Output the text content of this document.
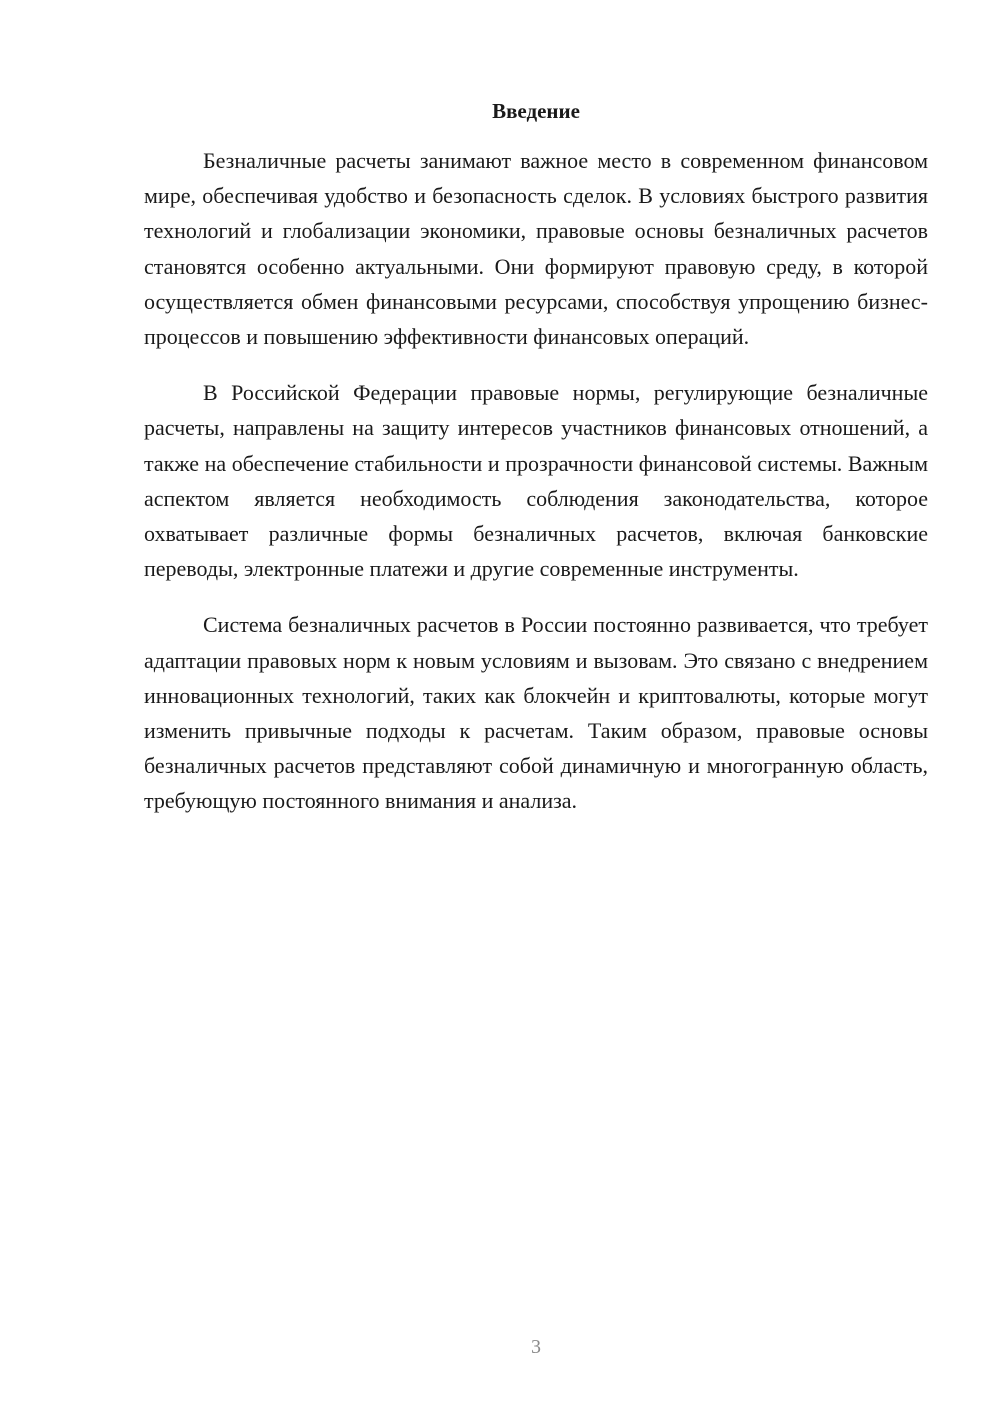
Введение

Безналичные расчеты занимают важное место в современном финансовом мире, обеспечивая удобство и безопасность сделок. В условиях быстрого развития технологий и глобализации экономики, правовые основы безналичных расчетов становятся особенно актуальными. Они формируют правовую среду, в которой осуществляется обмен финансовыми ресурсами, способствуя упрощению бизнес-процессов и повышению эффективности финансовых операций.

В Российской Федерации правовые нормы, регулирующие безналичные расчеты, направлены на защиту интересов участников финансовых отношений, а также на обеспечение стабильности и прозрачности финансовой системы. Важным аспектом является необходимость соблюдения законодательства, которое охватывает различные формы безналичных расчетов, включая банковские переводы, электронные платежи и другие современные инструменты.

Система безналичных расчетов в России постоянно развивается, что требует адаптации правовых норм к новым условиям и вызовам. Это связано с внедрением инновационных технологий, таких как блокчейн и криптовалюты, которые могут изменить привычные подходы к расчетам. Таким образом, правовые основы безналичных расчетов представляют собой динамичную и многогранную область, требующую постоянного внимания и анализа.

3
